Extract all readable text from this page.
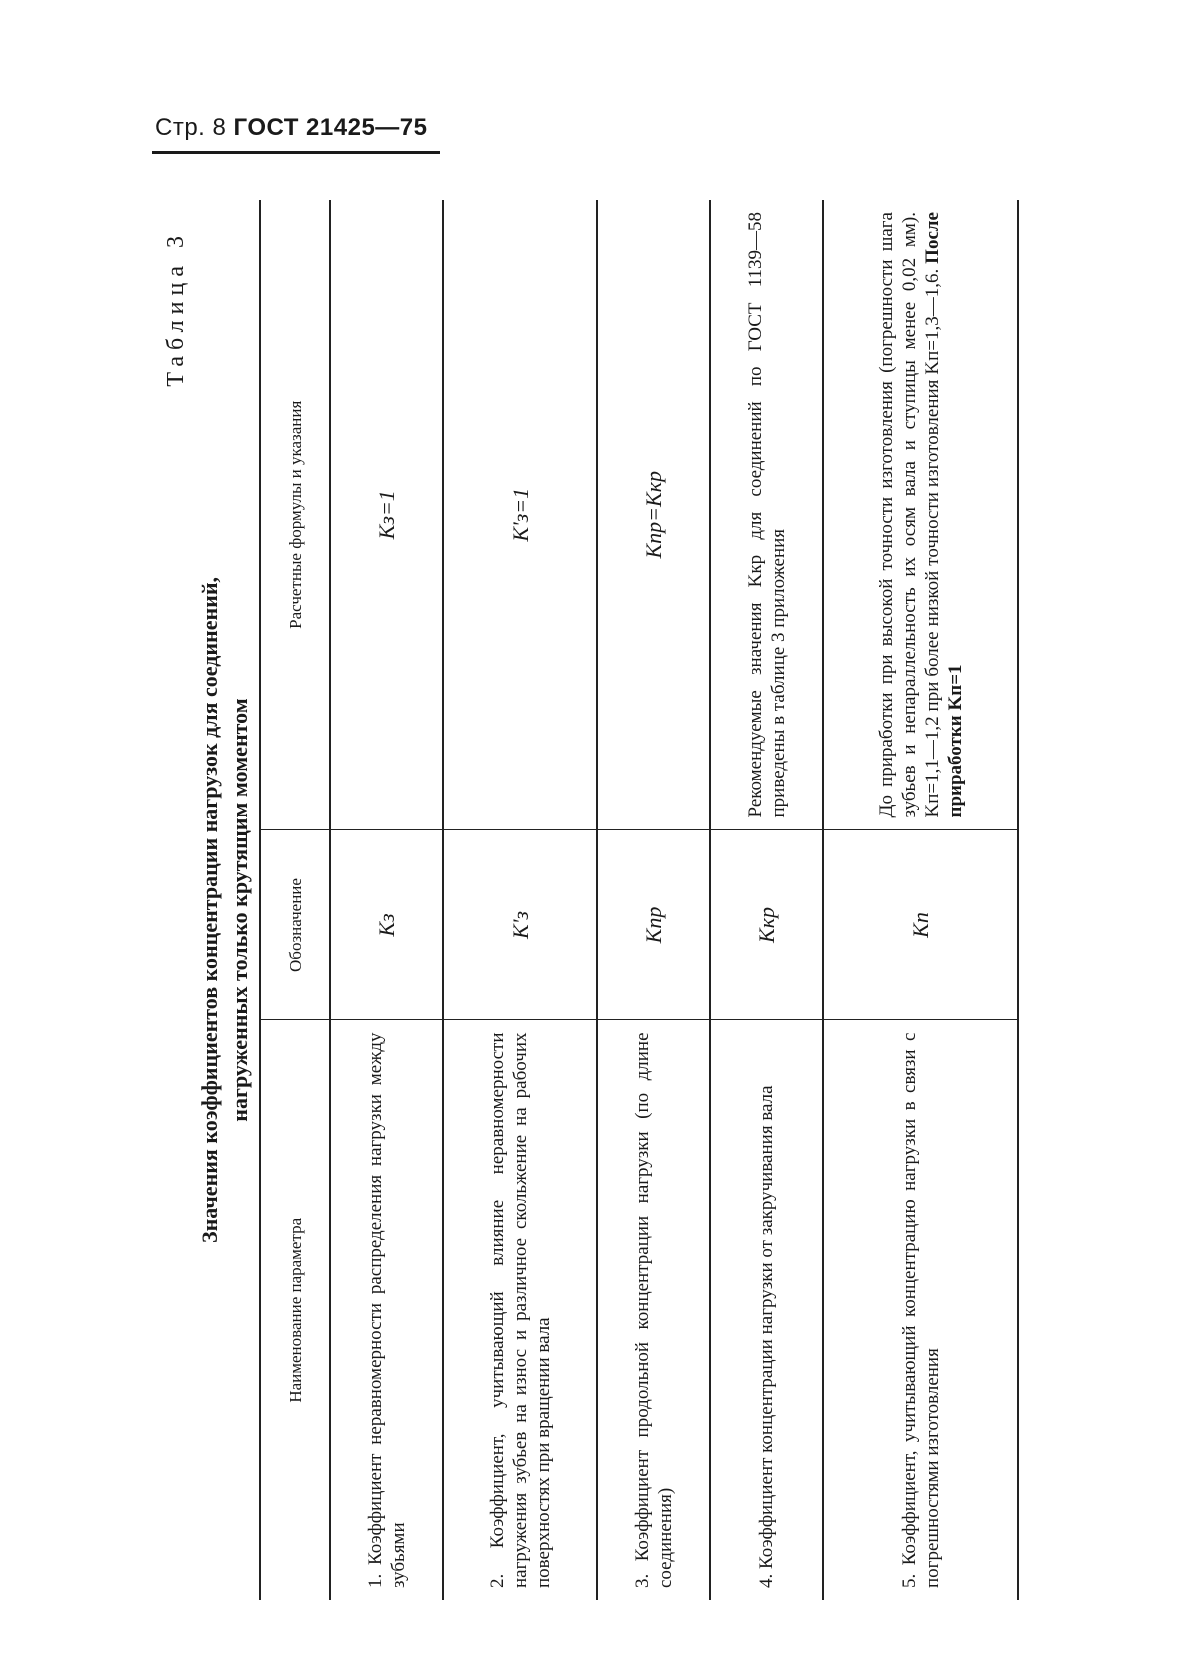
Стр. 8 ГОСТ 21425—75
Таблица 3
Значения коэффициентов концентрации нагрузок для соединений, нагруженных только крутящим моментом
Наименование параметра	Обозначение	Расчетные формулы и указания
1. Коэффициент неравномерности распределения нагрузки между зубьями	Kз	Kз=1
2. Коэффициент, учитывающий влияние неравномерности нагружения зубьев на износ и различное скольжение на рабочих поверхностях при вращении вала	K'з	K'з=1
3. Коэффициент продольной концентрации нагрузки (по длине соединения)	Kпр	Kпр=Kкр
4. Коэффициент концентрации нагрузки от закручивания вала	Kкр	Рекомендуемые значения Kкр для соединений по ГОСТ 1139—58 приведены в таблице 3 приложения
5. Коэффициент, учитывающий концентрацию нагрузки в связи с погрешностями изготовления	Kп	До приработки при высокой точности изготовления (погрешности шага зубьев и непараллельность их осям вала и ступицы менее 0,02 мм). Kп=1,1—1,2 при более низкой точности изготовления Kп=1,3—1,6. После приработки Kп=1
